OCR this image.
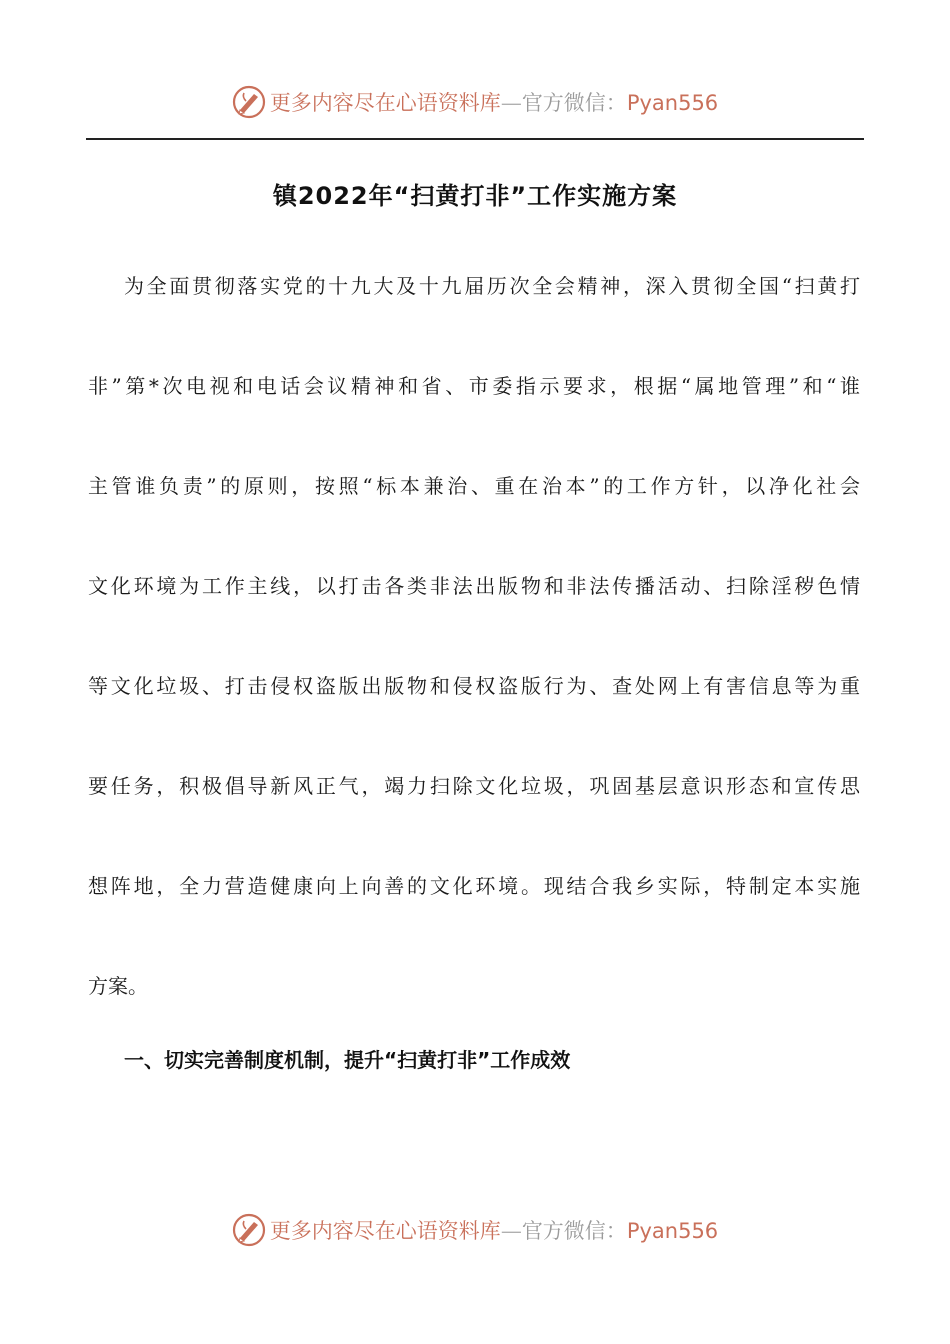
更多内容尽在心语资料库—官方微信：Pyan556
镇2022年“扫黄打非”工作实施方案
为全面贯彻落实党的十九大及十九届历次全会精神，深入贯彻全国“扫黄打
非”第*次电视和电话会议精神和省、市委指示要求，根据“属地管理”和“谁
主管谁负责”的原则，按照“标本兼治、重在治本”的工作方针，以净化社会
文化环境为工作主线，以打击各类非法出版物和非法传播活动、扫除淫秽色情
等文化垃圾、打击侵权盗版出版物和侵权盗版行为、查处网上有害信息等为重
要任务，积极倡导新风正气，竭力扫除文化垃圾，巩固基层意识形态和宣传思
想阵地，全力营造健康向上向善的文化环境。现结合我乡实际，特制定本实施
方案。
一、切实完善制度机制，提升“扫黄打非”工作成效
更多内容尽在心语资料库—官方微信：Pyan556
